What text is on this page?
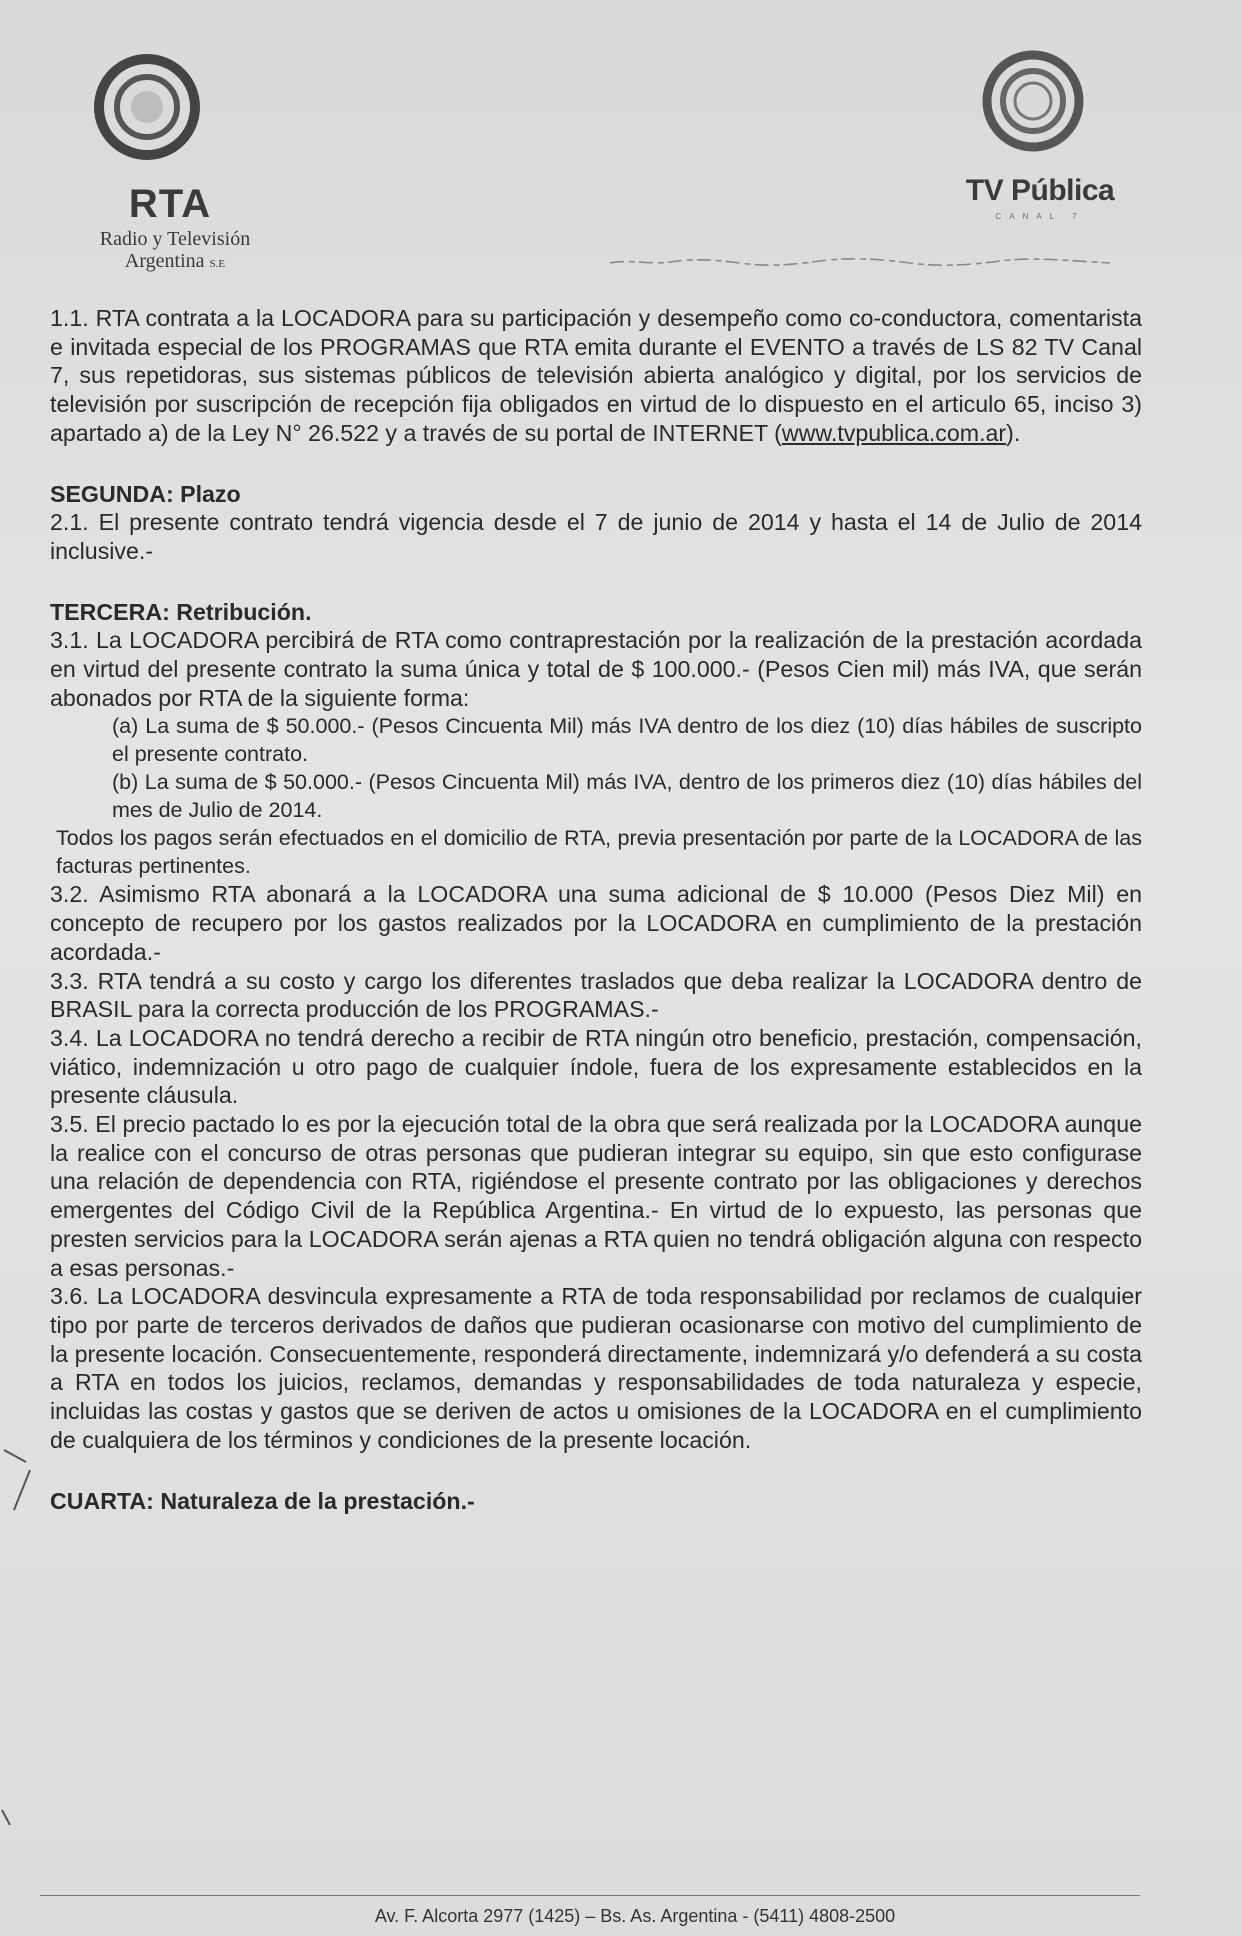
RTA
Radio y Televisión
Argentina S.E
TV Pública
CANAL 7

1.1. RTA contrata a la LOCADORA para su participación y desempeño como co-conductora, comentarista e invitada especial de los PROGRAMAS que RTA emita durante el EVENTO a través de LS 82 TV Canal 7, sus repetidoras, sus sistemas públicos de televisión abierta analógico y digital, por los servicios de televisión por suscripción de recepción fija obligados en virtud de lo dispuesto en el articulo 65, inciso 3) apartado a) de la Ley N° 26.522 y a través de su portal de INTERNET (www.tvpublica.com.ar).

SEGUNDA: Plazo

2.1. El presente contrato tendrá vigencia desde el 7 de junio de 2014 y hasta el 14 de Julio de 2014 inclusive.-

TERCERA: Retribución.

3.1. La LOCADORA percibirá de RTA como contraprestación por la realización de la prestación acordada en virtud del presente contrato la suma única y total de $ 100.000.- (Pesos Cien mil) más IVA, que serán abonados por RTA de la siguiente forma:

(a) La suma de $ 50.000.- (Pesos Cincuenta Mil) más IVA dentro de los diez (10) días hábiles de suscripto el presente contrato.

(b) La suma de $ 50.000.- (Pesos Cincuenta Mil) más IVA, dentro de los primeros diez (10) días hábiles del mes de Julio de 2014.

Todos los pagos serán efectuados en el domicilio de RTA, previa presentación por parte de la LOCADORA de las facturas pertinentes.

3.2. Asimismo RTA abonará a la LOCADORA una suma adicional de $ 10.000 (Pesos Diez Mil) en concepto de recupero por los gastos realizados por la LOCADORA en cumplimiento de la prestación acordada.-

3.3. RTA tendrá a su costo y cargo los diferentes traslados que deba realizar la LOCADORA dentro de BRASIL para la correcta producción de los PROGRAMAS.-

3.4. La LOCADORA no tendrá derecho a recibir de RTA ningún otro beneficio, prestación, compensación, viático, indemnización u otro pago de cualquier índole, fuera de los expresamente establecidos en la presente cláusula.

3.5. El precio pactado lo es por la ejecución total de la obra que será realizada por la LOCADORA aunque la realice con el concurso de otras personas que pudieran integrar su equipo, sin que esto configurase una relación de dependencia con RTA, rigiéndose el presente contrato por las obligaciones y derechos emergentes del Código Civil de la República Argentina.- En virtud de lo expuesto, las personas que presten servicios para la LOCADORA serán ajenas a RTA quien no tendrá obligación alguna con respecto a esas personas.-

3.6. La LOCADORA desvincula expresamente a RTA de toda responsabilidad por reclamos de cualquier tipo por parte de terceros derivados de daños que pudieran ocasionarse con motivo del cumplimiento de la presente locación. Consecuentemente, responderá directamente, indemnizará y/o defenderá a su costa a RTA en todos los juicios, reclamos, demandas y responsabilidades de toda naturaleza y especie, incluidas las costas y gastos que se deriven de actos u omisiones de la LOCADORA en el cumplimiento de cualquiera de los términos y condiciones de la presente locación.

CUARTA: Naturaleza de la prestación.-

Av. F. Alcorta 2977 (1425) – Bs. As. Argentina - (5411) 4808-2500
